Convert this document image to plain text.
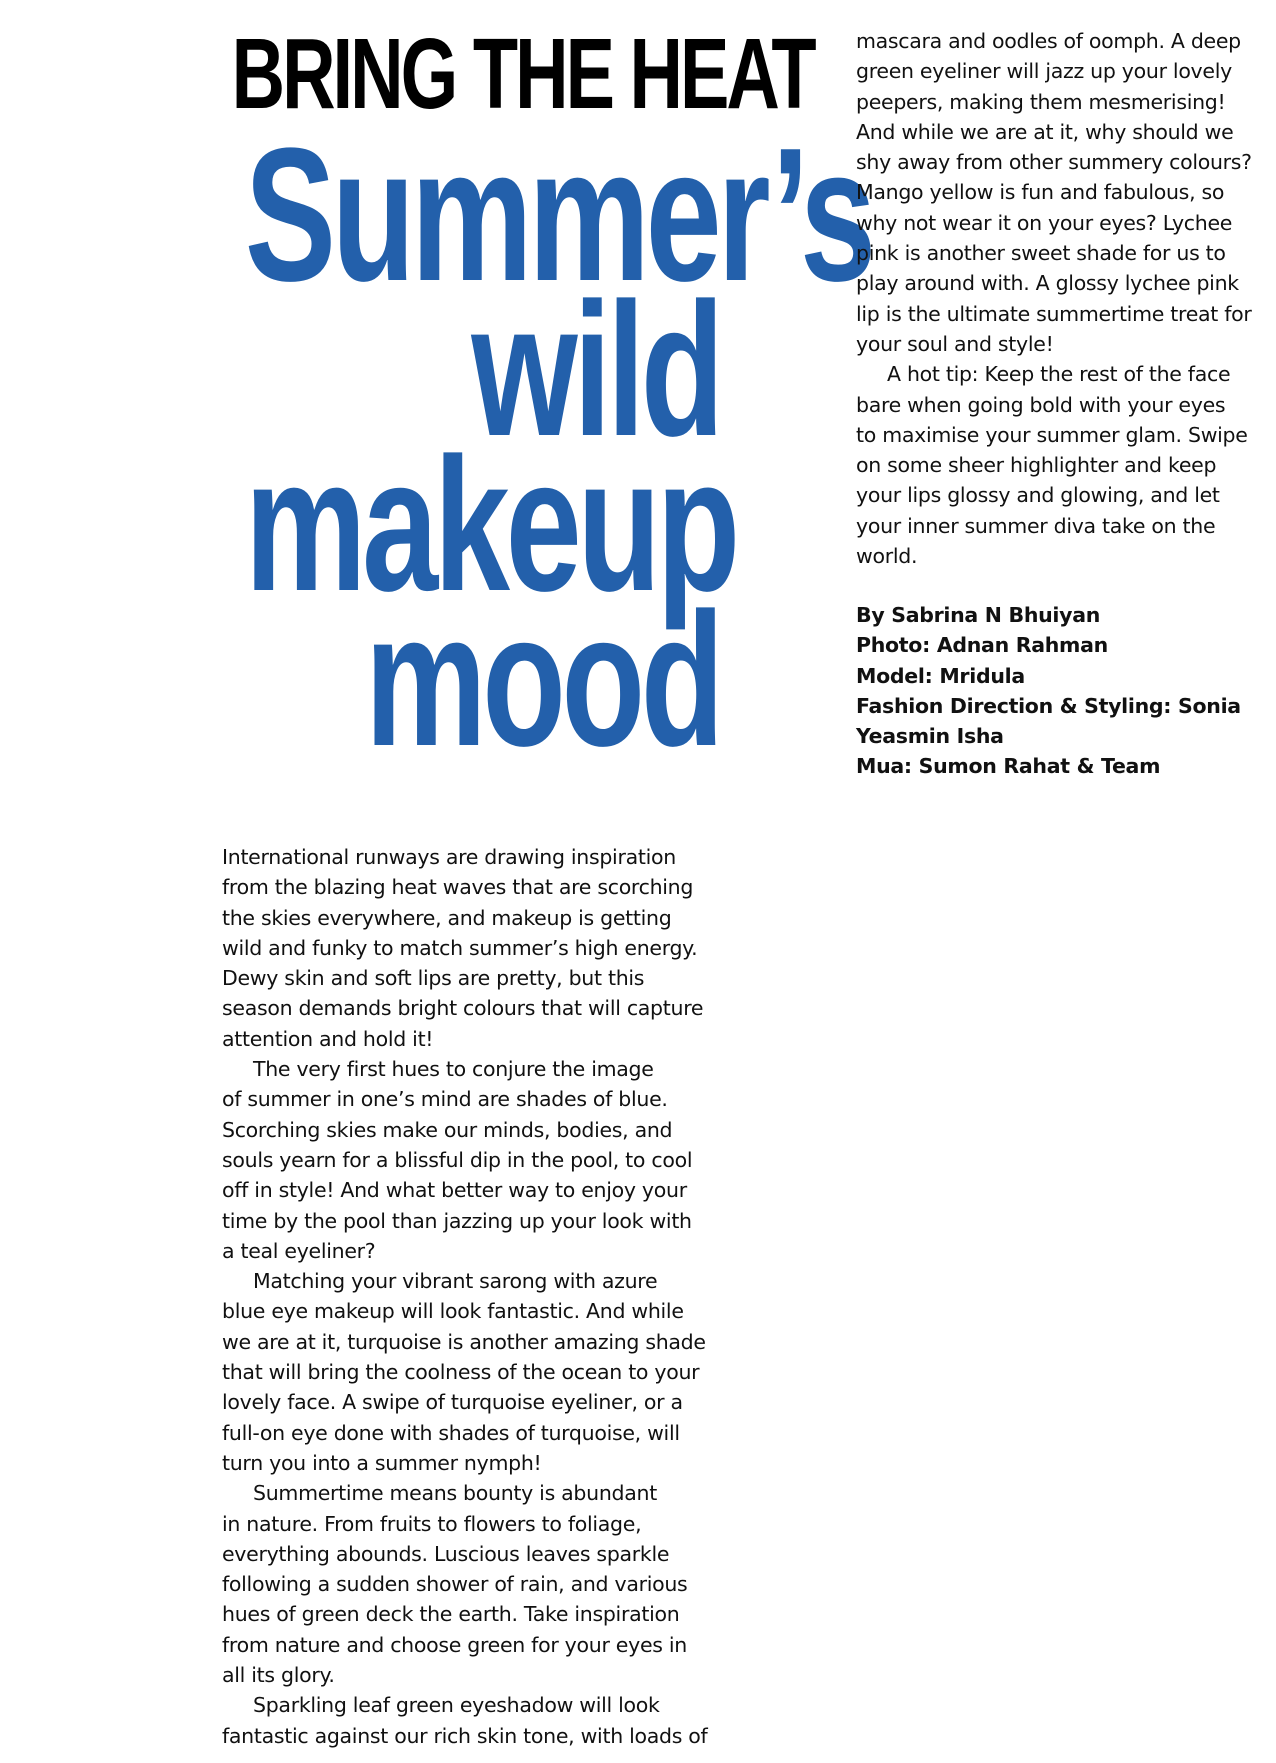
BRING THE HEAT
Summer’s
wild
makeup
mood
International runways are drawing inspiration
from the blazing heat waves that are scorching
the skies everywhere, and makeup is getting
wild and funky to match summer’s high energy.
Dewy skin and soft lips are pretty, but this
season demands bright colours that will capture
attention and hold it!
The very first hues to conjure the image
of summer in one’s mind are shades of blue.
Scorching skies make our minds, bodies, and
souls yearn for a blissful dip in the pool, to cool
off in style! And what better way to enjoy your
time by the pool than jazzing up your look with
a teal eyeliner?
Matching your vibrant sarong with azure
blue eye makeup will look fantastic. And while
we are at it, turquoise is another amazing shade
that will bring the coolness of the ocean to your
lovely face. A swipe of turquoise eyeliner, or a
full-on eye done with shades of turquoise, will
turn you into a summer nymph!
Summertime means bounty is abundant
in nature. From fruits to flowers to foliage,
everything abounds. Luscious leaves sparkle
following a sudden shower of rain, and various
hues of green deck the earth. Take inspiration
from nature and choose green for your eyes in
all its glory.
Sparkling leaf green eyeshadow will look
fantastic against our rich skin tone, with loads of
mascara and oodles of oomph. A deep
green eyeliner will jazz up your lovely
peepers, making them mesmerising!
And while we are at it, why should we
shy away from other summery colours?
Mango yellow is fun and fabulous, so
why not wear it on your eyes? Lychee
pink is another sweet shade for us to
play around with. A glossy lychee pink
lip is the ultimate summertime treat for
your soul and style!
A hot tip: Keep the rest of the face
bare when going bold with your eyes
to maximise your summer glam. Swipe
on some sheer highlighter and keep
your lips glossy and glowing, and let
your inner summer diva take on the
world.
By Sabrina N Bhuiyan
Photo: Adnan Rahman
Model: Mridula
Fashion Direction & Styling: Sonia
Yeasmin Isha
Mua: Sumon Rahat & Team
